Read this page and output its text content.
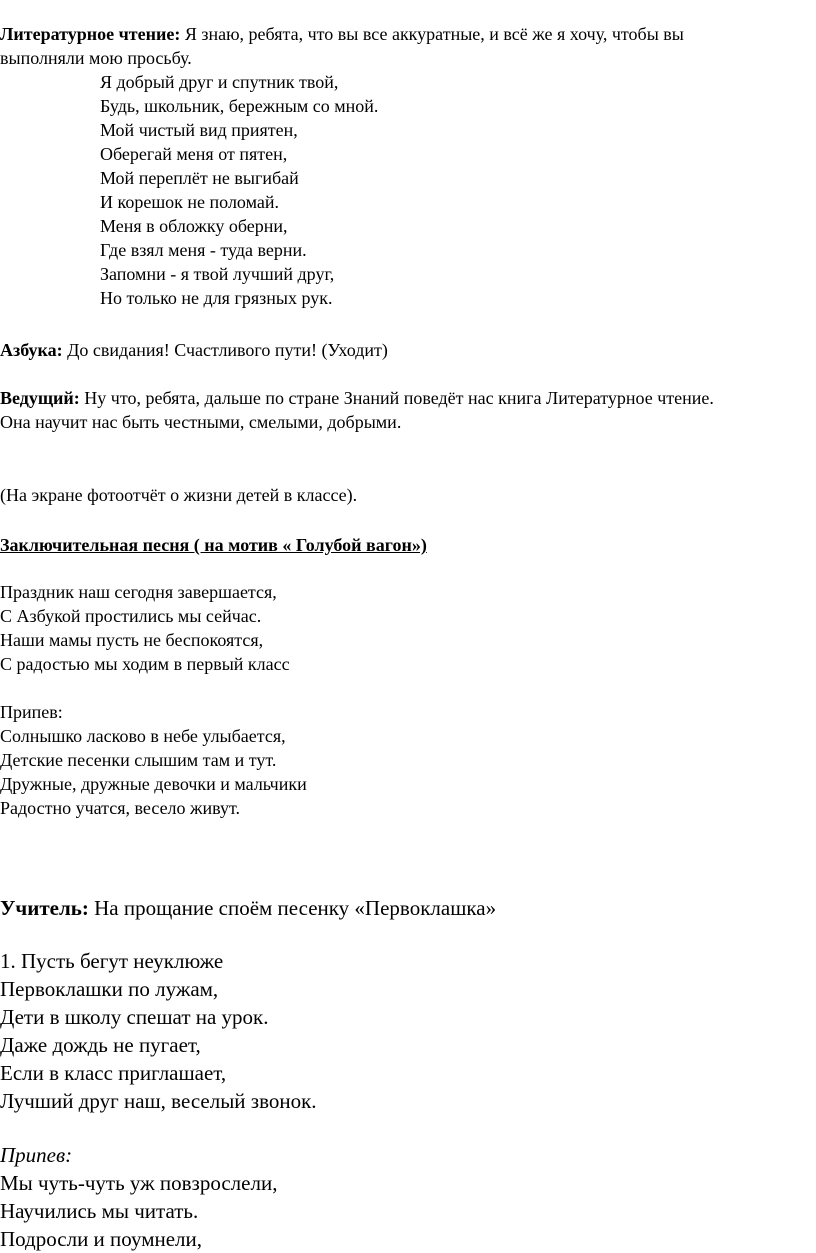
Литературное чтение: Я знаю, ребята, что вы все аккуратные, и всё же я хочу, чтобы вы
выполняли мою просьбу.
Я добрый друг и спутник твой,
Будь, школьник, бережным со мной.
Мой чистый вид приятен,
Оберегай меня от пятен,
Мой переплёт не выгибай
И корешок не поломай.
Меня в обложку оберни,
Где взял меня - туда верни.
Запомни - я твой лучший друг,
Но только не для грязных рук.
Азбука: До свидания! Счастливого пути! (Уходит)
Ведущий: Ну что, ребята, дальше по стране Знаний поведёт нас книга Литературное чтение.
Она научит нас быть честными, смелыми, добрыми.
(На экране фотоотчёт о жизни детей в классе).
Заключительная песня ( на мотив « Голубой вагон»)
Праздник наш сегодня завершается,
С Азбукой простились мы сейчас.
Наши мамы пусть не беспокоятся,
С радостью мы ходим в первый класс
Припев:
Солнышко ласково в небе улыбается,
Детские песенки слышим там и тут.
Дружные, дружные девочки и мальчики
Радостно учатся, весело живут.
Учитель: На прощание споём песенку «Первоклашка»
1. Пусть бегут неуклюже
Первоклашки по лужам,
Дети в школу спешат на урок.
Даже дождь не пугает,
Если в класс приглашает,
Лучший друг наш, веселый звонок.
Припев:
Мы чуть-чуть уж повзрослели,
Научились мы читать.
Подросли и поумнели,
